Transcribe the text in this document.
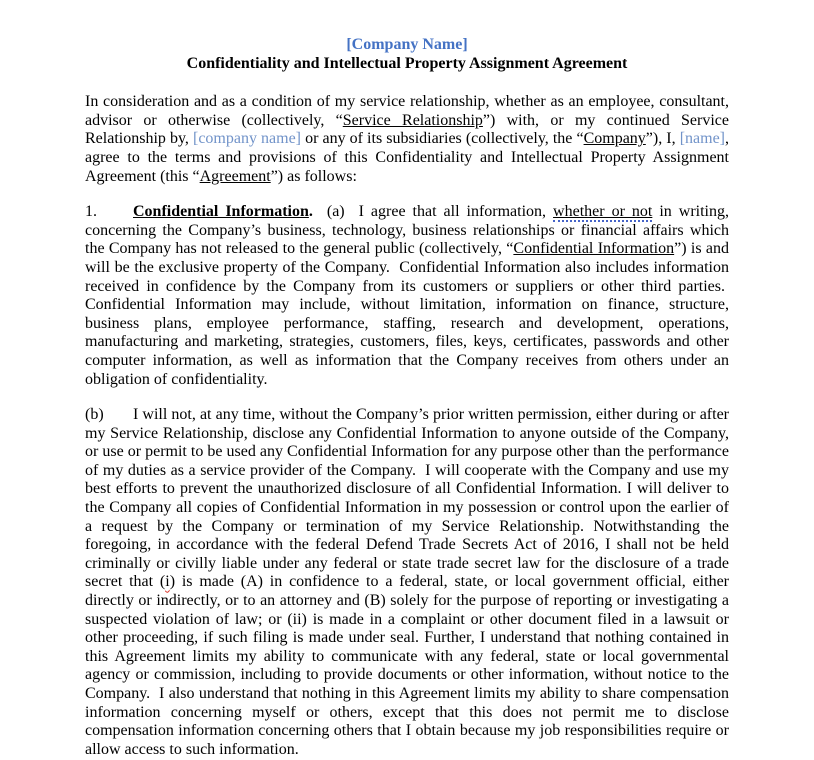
[Company Name]

Confidentiality and Intellectual Property Assignment Agreement

In consideration and as a condition of my service relationship, whether as an employee, consultant, advisor or otherwise (collectively, “Service Relationship”) with, or my continued Service Relationship by, [company name] or any of its subsidiaries (collectively, the “Company”), I, [name], agree to the terms and provisions of this Confidentiality and Intellectual Property Assignment Agreement (this “Agreement”) as follows:

1. Confidential Information.  (a)  I agree that all information, whether or not in writing, concerning the Company’s business, technology, business relationships or financial affairs which the Company has not released to the general public (collectively, “Confidential Information”) is and will be the exclusive property of the Company.  Confidential Information also includes information received in confidence by the Company from its customers or suppliers or other third parties.  Confidential Information may include, without limitation, information on finance, structure, business plans, employee performance, staffing, research and development, operations, manufacturing and marketing, strategies, customers, files, keys, certificates, passwords and other computer information, as well as information that the Company receives from others under an obligation of confidentiality.

(b) I will not, at any time, without the Company’s prior written permission, either during or after my Service Relationship, disclose any Confidential Information to anyone outside of the Company, or use or permit to be used any Confidential Information for any purpose other than the performance of my duties as a service provider of the Company.  I will cooperate with the Company and use my best efforts to prevent the unauthorized disclosure of all Confidential Information. I will deliver to the Company all copies of Confidential Information in my possession or control upon the earlier of a request by the Company or termination of my Service Relationship. Notwithstanding the foregoing, in accordance with the federal Defend Trade Secrets Act of 2016, I shall not be held criminally or civilly liable under any federal or state trade secret law for the disclosure of a trade secret that (i) is made (A) in confidence to a federal, state, or local government official, either directly or indirectly, or to an attorney and (B) solely for the purpose of reporting or investigating a suspected violation of law; or (ii) is made in a complaint or other document filed in a lawsuit or other proceeding, if such filing is made under seal. Further, I understand that nothing contained in this Agreement limits my ability to communicate with any federal, state or local governmental agency or commission, including to provide documents or other information, without notice to the Company.  I also understand that nothing in this Agreement limits my ability to share compensation information concerning myself or others, except that this does not permit me to disclose compensation information concerning others that I obtain because my job responsibilities require or allow access to such information.
